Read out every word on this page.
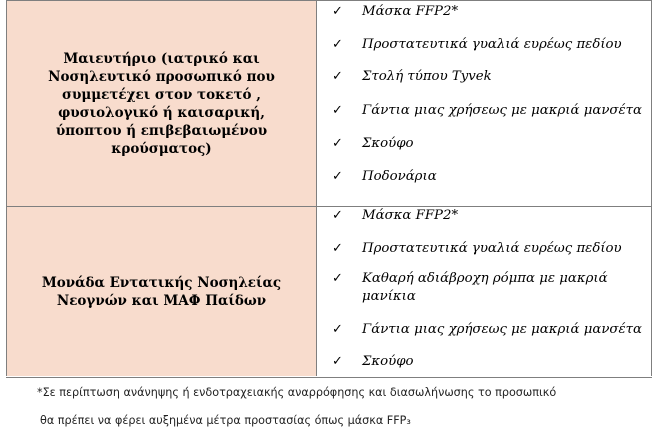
Μαιευτήριο (ιατρικό και Νοσηλευτικό προσωπικό που συμμετέχει στον τοκετό , φυσιολογικό ή καισαρική, ύποπτου ή επιβεβαιωμένου κρούσματος)
✓ Μάσκα FFP2*
✓ Προστατευτικά γυαλιά ευρέως πεδίου
✓ Στολή τύπου Tyvek
✓ Γάντια μιας χρήσεως με μακριά μανσέτα
✓ Σκούφο
✓ Ποδονάρια
Μονάδα Εντατικής Νοσηλείας Νεογνών και ΜΑΦ Παίδων
✓ Μάσκα FFP2*
✓ Προστατευτικά γυαλιά ευρέως πεδίου
✓ Καθαρή αδιάβροχη ρόμπα με μακριά μανίκια
✓ Γάντια μιας χρήσεως με μακριά μανσέτα
✓ Σκούφο
*Σε περίπτωση ανάνηψης ή ενδοτραχειακής αναρρόφησης και διασωλήνωσης το προσωπικό
θα πρέπει να φέρει αυξημένα μέτρα προστασίας όπως μάσκα FFP₃
